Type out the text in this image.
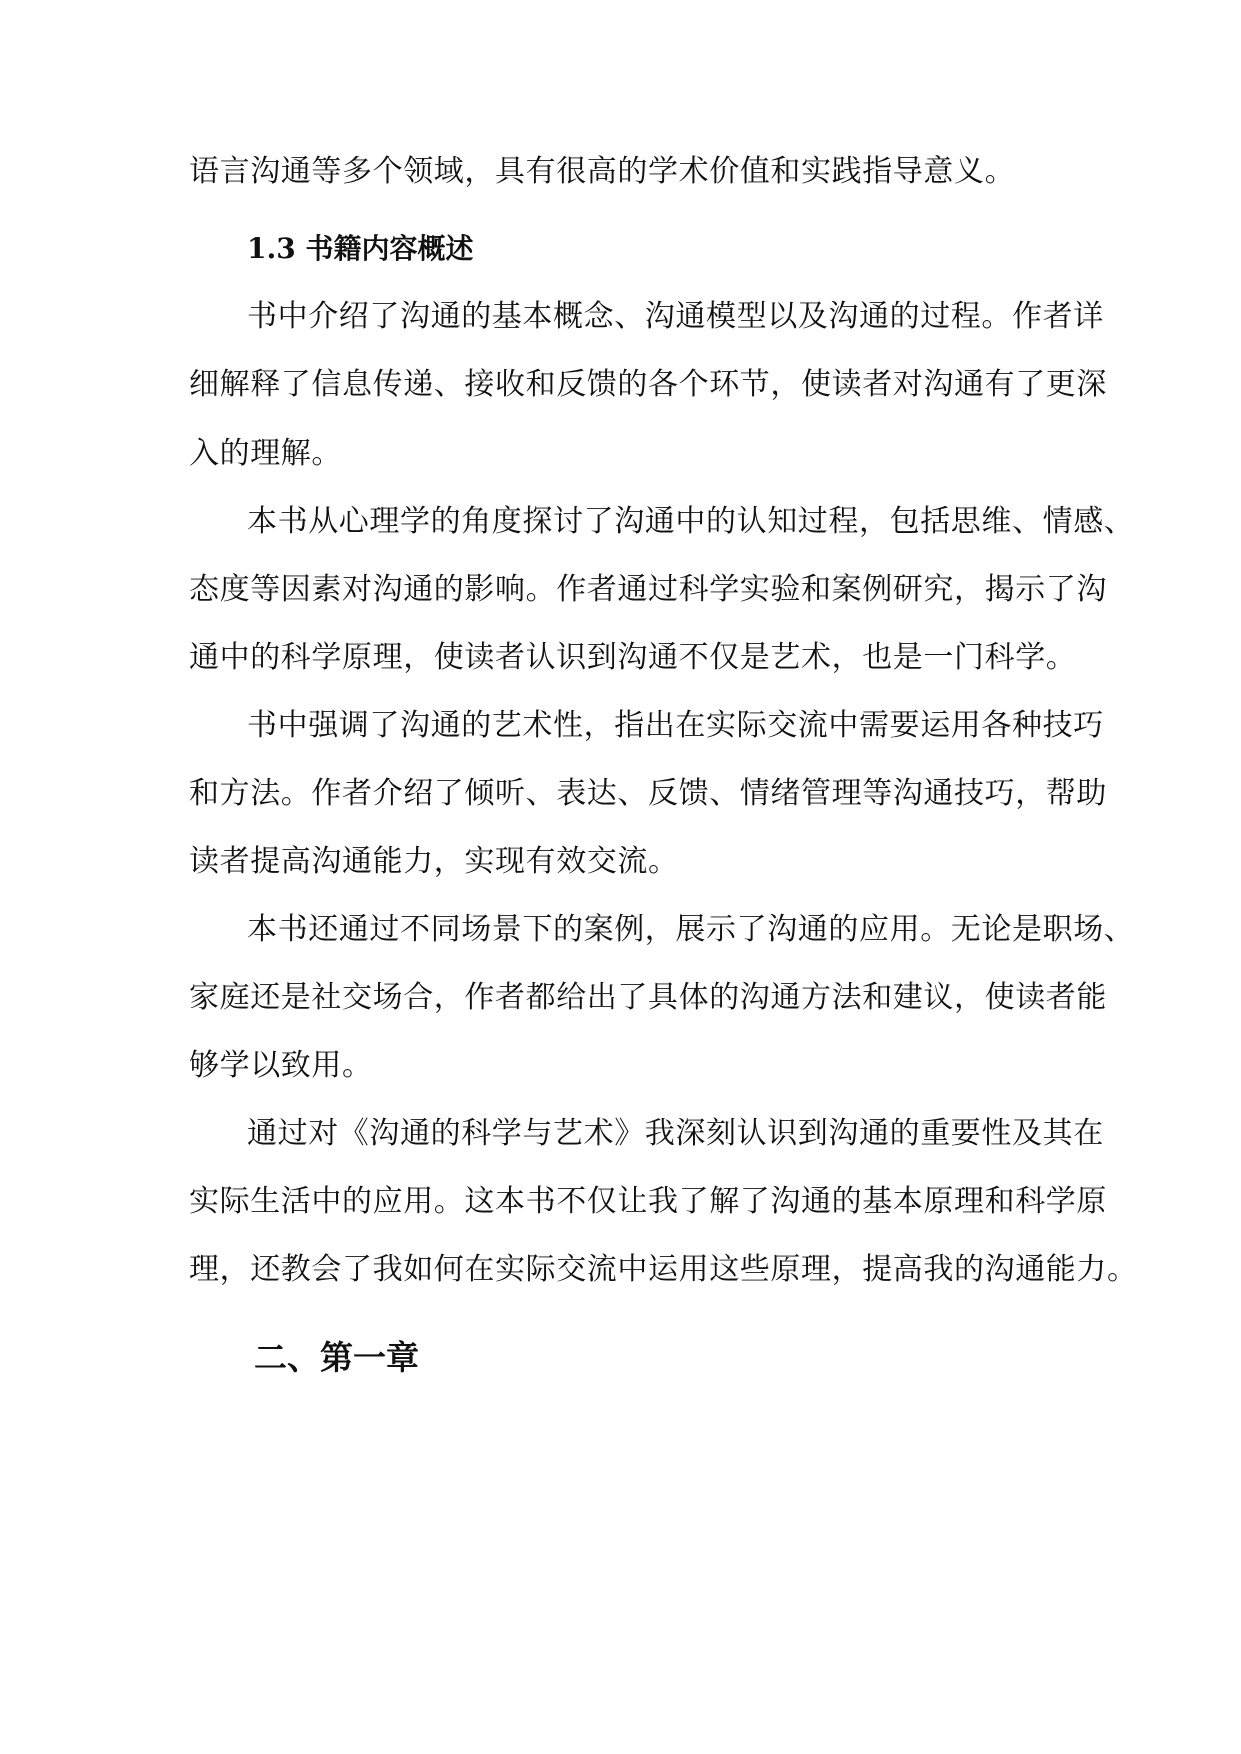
语言沟通等多个领域，具有很高的学术价值和实践指导意义。
1.3 书籍内容概述
书中介绍了沟通的基本概念、沟通模型以及沟通的过程。作者详
细解释了信息传递、接收和反馈的各个环节，使读者对沟通有了更深
入的理解。
本书从心理学的角度探讨了沟通中的认知过程，包括思维、情感、
态度等因素对沟通的影响。作者通过科学实验和案例研究，揭示了沟
通中的科学原理，使读者认识到沟通不仅是艺术，也是一门科学。
书中强调了沟通的艺术性，指出在实际交流中需要运用各种技巧
和方法。作者介绍了倾听、表达、反馈、情绪管理等沟通技巧，帮助
读者提高沟通能力，实现有效交流。
本书还通过不同场景下的案例，展示了沟通的应用。无论是职场、
家庭还是社交场合，作者都给出了具体的沟通方法和建议，使读者能
够学以致用。
通过对《沟通的科学与艺术》我深刻认识到沟通的重要性及其在
实际生活中的应用。这本书不仅让我了解了沟通的基本原理和科学原
理，还教会了我如何在实际交流中运用这些原理，提高我的沟通能力。
二、第一章
